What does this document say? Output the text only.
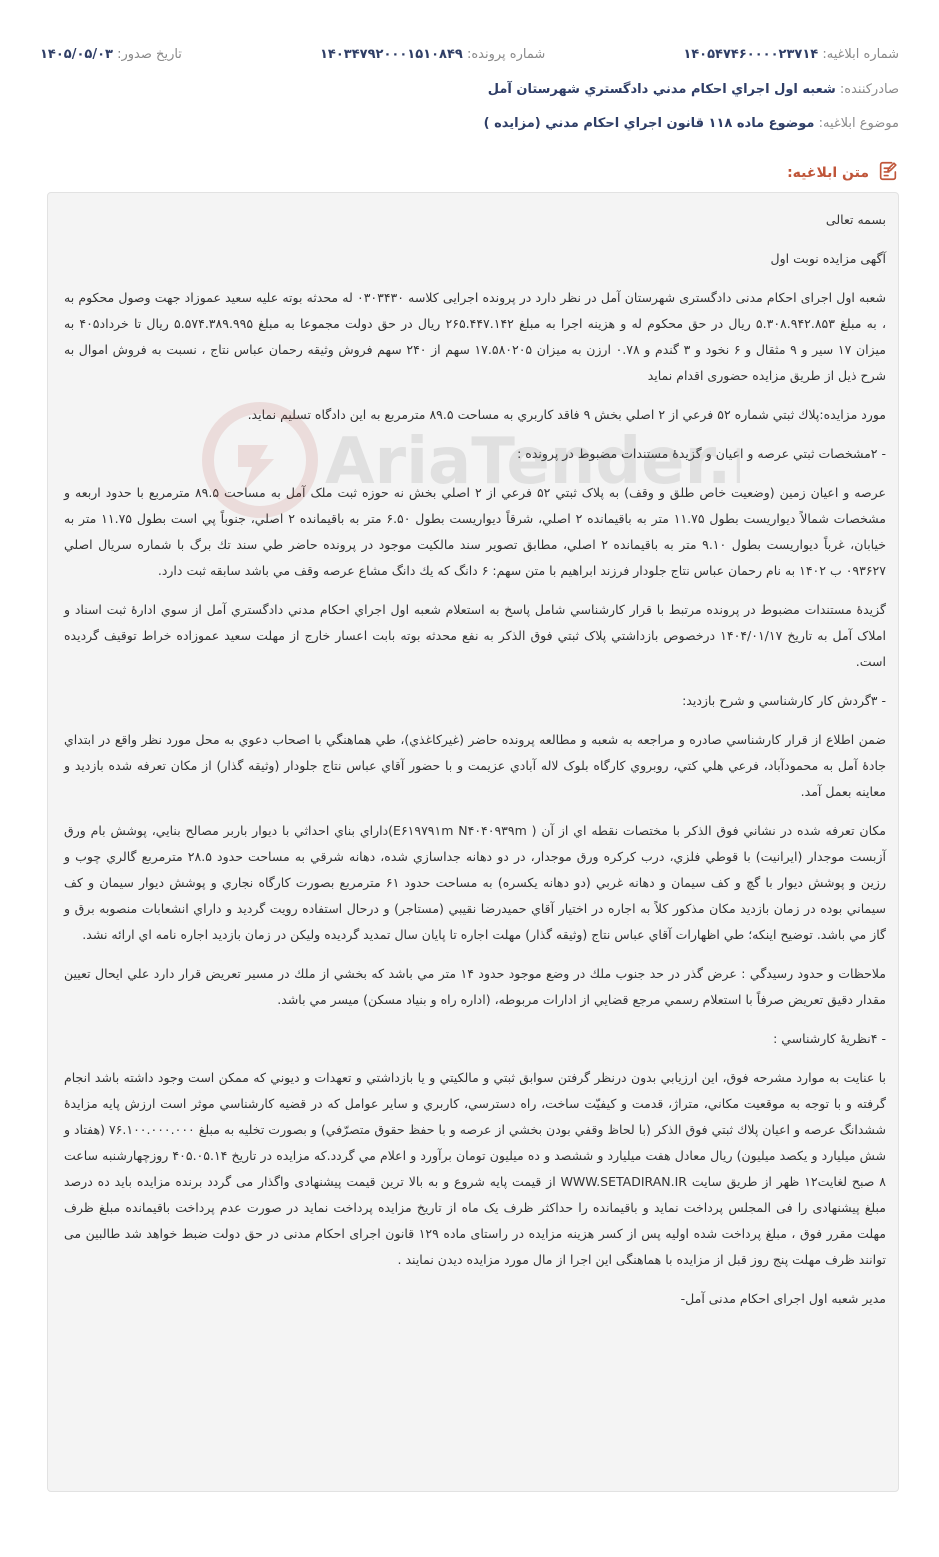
شماره ابلاغيه: ۱۴۰۵۴۷۴۶۰۰۰۰۲۳۷۱۴
شماره پرونده: ۱۴۰۳۴۷۹۲۰۰۰۱۵۱۰۸۴۹
تاريخ صدور: ۱۴۰۵/۰۵/۰۳
صادرکننده: شعبه اول اجراي احکام مدني دادگستري شهرستان آمل
موضوع ابلاغيه: موضوع ماده ۱۱۸ قانون اجراي احکام مدني (مزايده )
متن ابلاغيه:

بسمه تعالی

آگهی مزایده نوبت اول

شعبه اول اجرای احکام مدنی دادگستری شهرستان آمل در نظر دارد در پرونده اجرایی کلاسه ۰۳۰۳۴۳۰ له محدثه بوته علیه سعید عموزاد جهت وصول محکوم به ، به مبلغ ۵.۳۰۸.۹۴۲.۸۵۳ ریال در حق محکوم له و هزینه اجرا به مبلغ ۲۶۵.۴۴۷.۱۴۲ ریال در حق دولت مجموعا به مبلغ ۵.۵۷۴.۳۸۹.۹۹۵ ریال تا خرداد۴۰۵ به میزان ۱۷ سیر و ۹ مثقال و ۶ نخود و ۳ گندم و ۰.۷۸ ارزن به میزان ۱۷.۵۸۰۲۰۵ سهم از ۲۴۰ سهم فروش وثیقه رحمان عباس نتاج ، نسبت به فروش اموال به شرح ذیل از طریق مزایده حضوری اقدام نماید

مورد مزايده:پلاك ثبتي شماره ۵۲ فرعي از ۲ اصلي بخش ۹ فاقد کاربري به مساحت ۸۹.۵ مترمربع به اين دادگاه تسليم نمايد.

- ۲مشخصات ثبتي عرصه و اعيان و گزيدۀ مستندات مضبوط در پرونده :

عرصه و اعيان زمين (وضعيت خاص طلق و وقف) به پلاک ثبتي ۵۲ فرعي از ۲ اصلي بخش نه حوزه ثبت ملک آمل به مساحت ۸۹.۵ مترمربع با حدود اربعه و مشخصات شمالاً ديواريست بطول ۱۱.۷۵ متر به باقيمانده ۲ اصلي، شرقاً ديواريست بطول ۶.۵۰ متر به باقيمانده ۲ اصلي، جنوباً پي است بطول ۱۱.۷۵ متر به خيابان، غرباً ديواريست بطول ۹.۱۰ متر به باقيمانده ۲ اصلي، مطابق تصوير سند مالکيت موجود در پرونده حاضر طي سند تك برگ با شماره سريال اصلي ۰۹۳۶۲۷ ب ۱۴۰۲ به نام رحمان عباس نتاج جلودار فرزند ابراهيم با متن سهم: ۶ دانگ كه يك دانگ مشاع عرصه وقف مي باشد سابقه ثبت دارد.

گزيدۀ مستندات مضبوط در پرونده مرتبط با قرار کارشناسي شامل پاسخ به استعلام شعبه اول اجراي احکام مدني دادگستري آمل از سوي ادارۀ ثبت اسناد و املاک آمل به تاريخ ۱۴۰۴/۰۱/۱۷ درخصوص بازداشتي پلاک ثبتي فوق الذکر به نفع محدثه بوته بابت اعسار خارج از مهلت سعيد عموزاده خراط توقيف گرديده است.

- ۳گردش کار کارشناسي و شرح بازديد:

ضمن اطلاع از قرار کارشناسي صادره و مراجعه به شعبه و مطالعه پرونده حاضر (غيرکاغذي)، طي هماهنگي با اصحاب دعوي به محل مورد نظر واقع در ابتداي جادۀ آمل به محمودآباد، فرعي هلي کتي، روبروي کارگاه بلوک لاله آبادي عزيمت و با حضور آقاي عباس نتاج جلودار (وثيقه گذار) از مكان تعرفه شده بازديد و معاينه بعمل آمد.

مكان تعرفه شده در نشاني فوق الذكر با مختصات نقطه اي از آن ( E۶۱۹۷۹۱m N۴۰۴۰۹۳۹m)داراي بناي احداثي با ديوار باربر مصالح بنايي، پوشش بام ورق آزبست موجدار (ايرانيت) با قوطي فلزي، درب كركره ورق موجدار، در دو دهانه جداسازي شده، دهانه شرقي به مساحت حدود ۲۸.۵ مترمربع گالري چوب و رزين و پوشش ديوار با گچ و كف سيمان و دهانه غربي (دو دهانه يكسره) به مساحت حدود ۶۱ مترمربع بصورت كارگاه نجاري و پوشش ديوار سيمان و كف سيماني بوده در زمان بازديد مكان مذكور كلاً به اجاره در اختيار آقاي حميدرضا نقيبي (مستاجر) و درحال استفاده رويت گرديد و داراي انشعابات منصوبه برق و گاز مي باشد. توضيح اينكه؛ طي اظهارات آقاي عباس نتاج (وثيقه گذار) مهلت اجاره تا پايان سال تمديد گرديده وليكن در زمان بازديد اجاره نامه اي ارائه نشد.

ملاحظات و حدود رسيدگي : عرض گذر در حد جنوب ملك در وضع موجود حدود ۱۴ متر مي باشد كه بخشي از ملك در مسير تعريض قرار دارد علي ايحال تعيين مقدار دقيق تعريض صرفاً با استعلام رسمي مرجع قضايي از ادارات مربوطه، (اداره راه و بنياد مسكن) ميسر مي باشد.

- ۴نظريۀ کارشناسي :

با عنايت به موارد مشرحه فوق، اين ارزيابي بدون درنظر گرفتن سوابق ثبتي و مالكيتي و يا بازداشتي و تعهدات و ديوني كه ممكن است وجود داشته باشد انجام گرفته و با توجه به موقعيت مكاني، متراژ، قدمت و كيفيّت ساخت، راه دسترسي، كاربري و ساير عوامل كه در قضيه كارشناسي موثر است ارزش پايه مزايدۀ ششدانگ عرصه و اعيان پلاك ثبتي فوق الذكر (با لحاظ وقفي بودن بخشي از عرصه و با حفظ حقوق متصرّفي) و بصورت تخليه به مبلغ ۷۶.۱۰۰.۰۰۰.۰۰۰ (هفتاد و شش ميليارد و يكصد ميليون) ريال معادل هفت ميليارد و ششصد و ده ميليون تومان برآورد و اعلام مي گردد.كه مزايده در تاریخ ۴۰۵.۰۵.۱۴ روزچهارشنبه ساعت ۸ صبح لغایت۱۲ ظهر از طریق سایت WWW.SETADIRAN.IR از قیمت پایه شروع و به بالا ترین قیمت پیشنهادی واگذار می گردد برنده مزایده باید ده درصد مبلغ پیشنهادی را فی المجلس پرداخت نماید و باقیمانده را حداکثر ظرف یک ماه از تاریخ مزایده پرداخت نماید در صورت عدم پرداخت باقیمانده مبلغ ظرف مهلت مقرر فوق ، مبلغ پرداخت شده اولیه پس از کسر هزینه مزایده در راستای ماده ۱۲۹ قانون اجرای احکام مدنی در حق دولت ضبط خواهد شد طالبین می توانند ظرف مهلت پنج روز قبل از مزایده با هماهنگی این اجرا از مال مورد مزایده دیدن نمایند .

مدیر شعبه اول اجرای احکام مدنی آمل-
